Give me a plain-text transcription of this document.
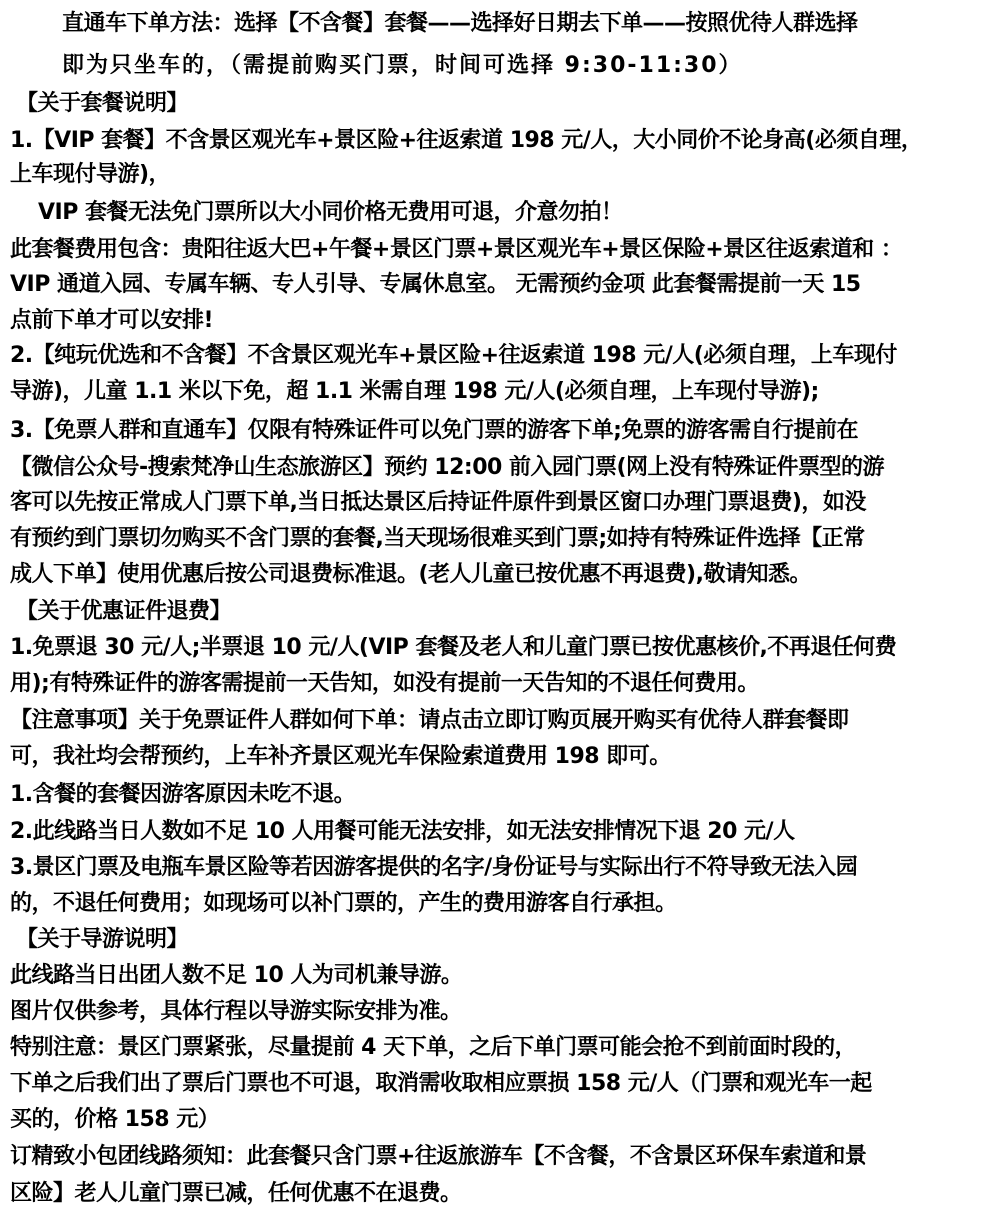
直通车下单方法：选择【不含餐】套餐——选择好日期去下单——按照优待人群选择
即为只坐车的，（需提前购买门票，时间可选择 9:30-11:30）
【关于套餐说明】
1.【VIP 套餐】不含景区观光车+景区险+往返索道 198 元/人，大小同价不论身高(必须自理，
上车现付导游)，
VIP 套餐无法免门票所以大小同价格无费用可退，介意勿拍！
此套餐费用包含：贵阳往返大巴+午餐+景区门票+景区观光车+景区保险+景区往返索道和 ：
VIP 通道入园、专属车辆、专人引导、专属休息室。 无需预约金项 此套餐需提前一天 15
点前下单才可以安排!
2.【纯玩优选和不含餐】不含景区观光车+景区险+往返索道 198 元/人(必须自理，上车现付
导游)，儿童 1.1 米以下免，超 1.1 米需自理 198 元/人(必须自理，上车现付导游);
3.【免票人群和直通车】仅限有特殊证件可以免门票的游客下单;免票的游客需自行提前在
【微信公众号-搜索梵净山生态旅游区】预约 12:00 前入园门票(网上没有特殊证件票型的游
客可以先按正常成人门票下单,当日抵达景区后持证件原件到景区窗口办理门票退费)，如没
有预约到门票切勿购买不含门票的套餐,当天现场很难买到门票;如持有特殊证件选择【正常
成人下单】使用优惠后按公司退费标准退。(老人儿童已按优惠不再退费),敬请知悉。
【关于优惠证件退费】
1.免票退 30 元/人;半票退 10 元/人(VIP 套餐及老人和儿童门票已按优惠核价,不再退任何费
用);有特殊证件的游客需提前一天告知，如没有提前一天告知的不退任何费用。
【注意事项】关于免票证件人群如何下单：请点击立即订购页展开购买有优待人群套餐即
可，我社均会帮预约，上车补齐景区观光车保险索道费用 198 即可。
1.含餐的套餐因游客原因未吃不退。
2.此线路当日人数如不足 10 人用餐可能无法安排，如无法安排情况下退 20 元/人
3.景区门票及电瓶车景区险等若因游客提供的名字/身份证号与实际出行不符导致无法入园
的，不退任何费用；如现场可以补门票的，产生的费用游客自行承担。
【关于导游说明】
此线路当日出团人数不足 10 人为司机兼导游。
图片仅供参考，具体行程以导游实际安排为准。
特别注意：景区门票紧张，尽量提前 4 天下单，之后下单门票可能会抢不到前面时段的，
下单之后我们出了票后门票也不可退，取消需收取相应票损 158 元/人（门票和观光车一起
买的，价格 158 元）
订精致小包团线路须知：此套餐只含门票+往返旅游车【不含餐，不含景区环保车索道和景
区险】老人儿童门票已减，任何优惠不在退费。
